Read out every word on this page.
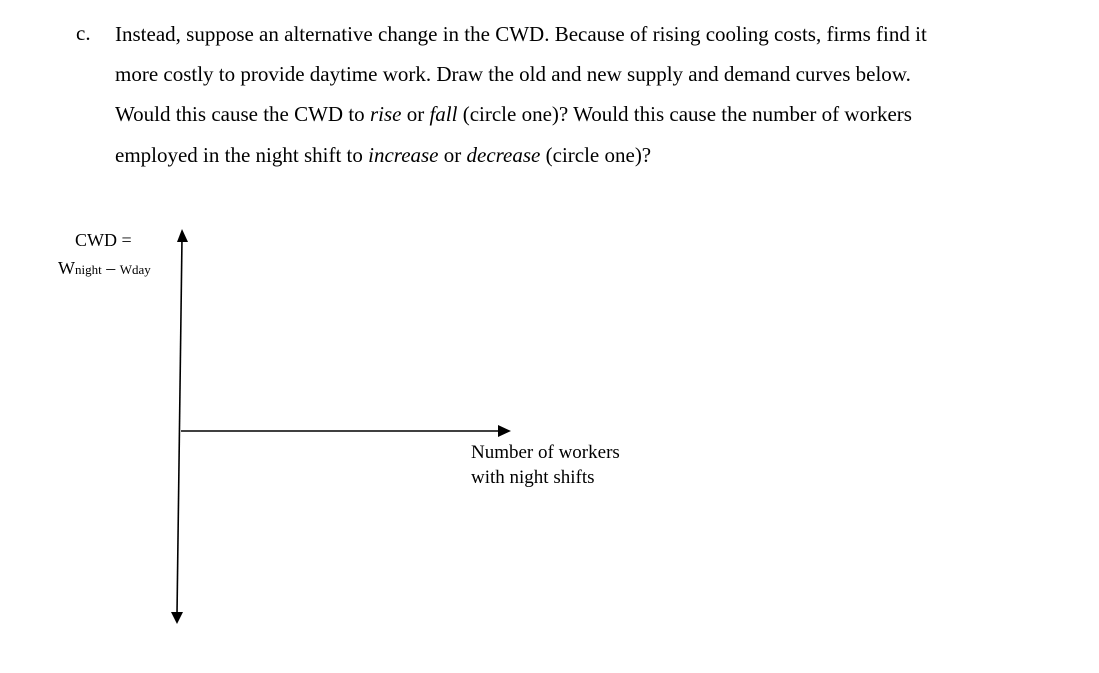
c. Instead, suppose an alternative change in the CWD. Because of rising cooling costs, firms find it
more costly to provide daytime work. Draw the old and new supply and demand curves below.
Would this cause the CWD to rise or fall (circle one)? Would this cause the number of workers
employed in the night shift to increase or decrease (circle one)?
CWD =
Wnight – Wday
Number of workers
with night shifts
